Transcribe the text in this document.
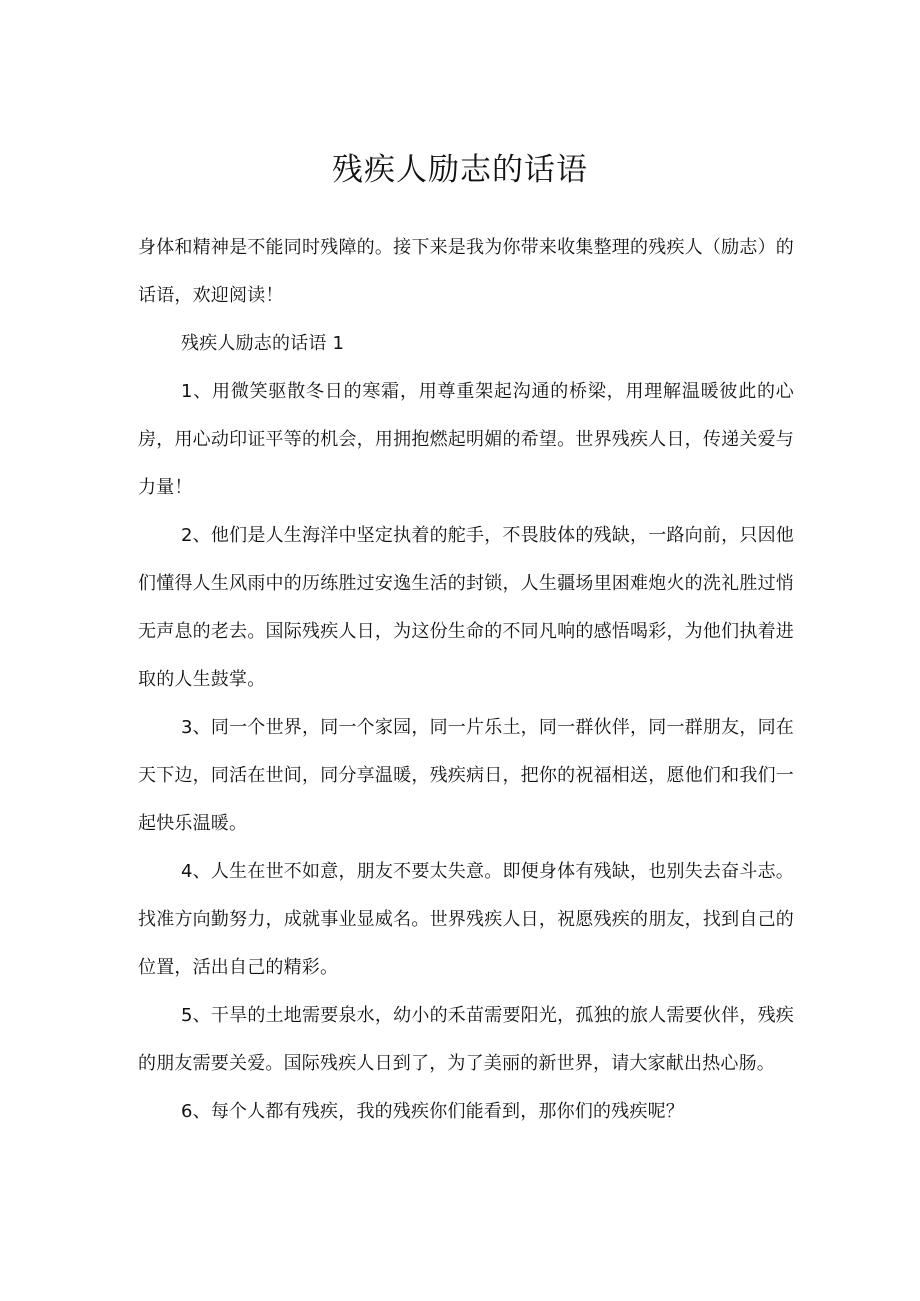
残疾人励志的话语

身体和精神是不能同时残障的。接下来是我为你带来收集整理的残疾人（励志）的话语，欢迎阅读！

残疾人励志的话语 1

1、用微笑驱散冬日的寒霜，用尊重架起沟通的桥梁，用理解温暖彼此的心房，用心动印证平等的机会，用拥抱燃起明媚的希望。世界残疾人日，传递关爱与力量！

2、他们是人生海洋中坚定执着的舵手，不畏肢体的残缺，一路向前，只因他们懂得人生风雨中的历练胜过安逸生活的封锁，人生疆场里困难炮火的洗礼胜过悄无声息的老去。国际残疾人日，为这份生命的不同凡响的感悟喝彩，为他们执着进取的人生鼓掌。

3、同一个世界，同一个家园，同一片乐土，同一群伙伴，同一群朋友，同在天下边，同活在世间，同分享温暖，残疾病日，把你的祝福相送，愿他们和我们一起快乐温暖。

4、人生在世不如意，朋友不要太失意。即便身体有残缺，也别失去奋斗志。找准方向勤努力，成就事业显威名。世界残疾人日，祝愿残疾的朋友，找到自己的位置，活出自己的精彩。

5、干旱的土地需要泉水，幼小的禾苗需要阳光，孤独的旅人需要伙伴，残疾的朋友需要关爱。国际残疾人日到了，为了美丽的新世界，请大家献出热心肠。

6、每个人都有残疾，我的残疾你们能看到，那你们的残疾呢？
